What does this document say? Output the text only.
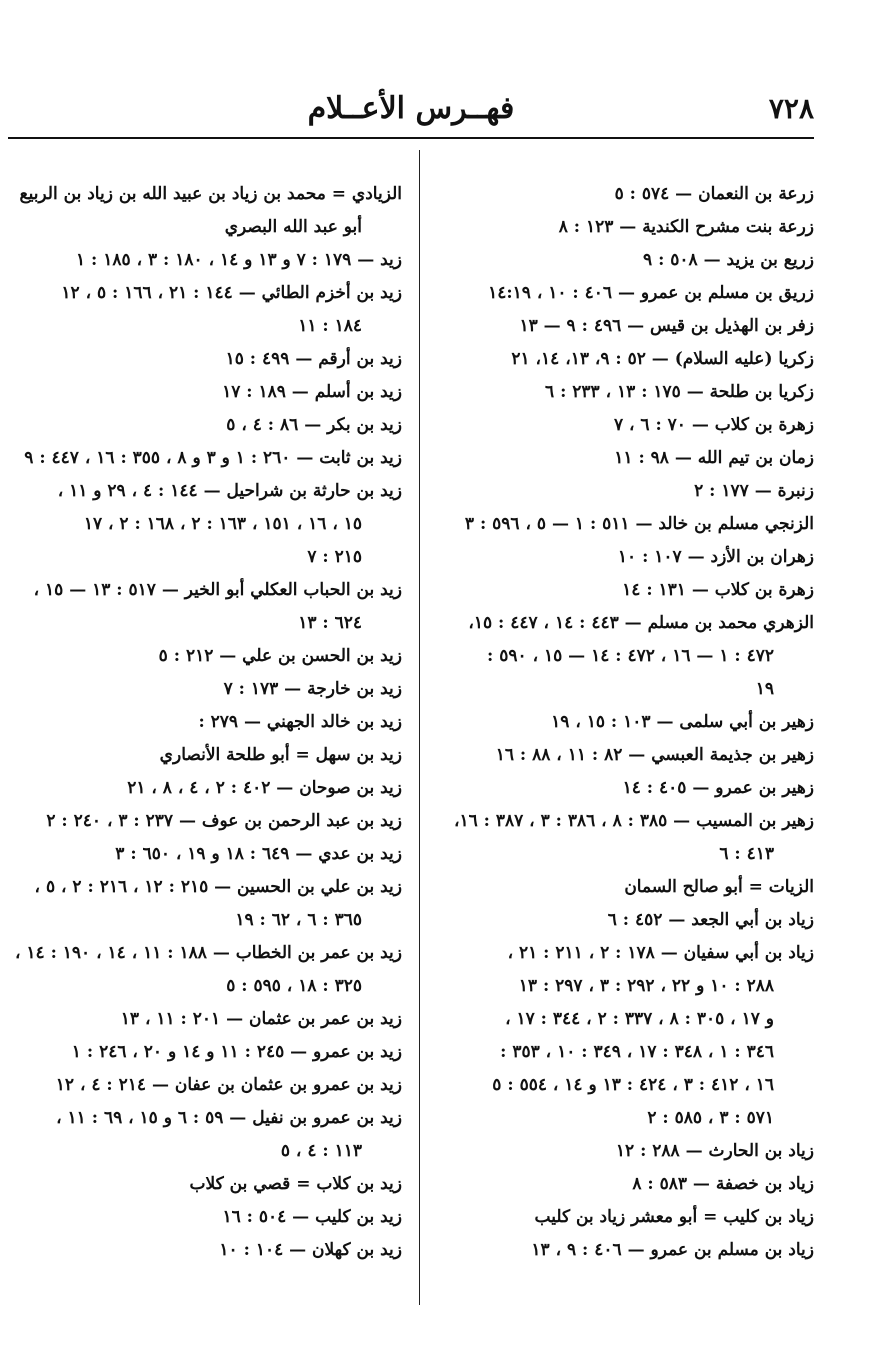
٧٢٨
فهــرس الأعــلام
زرعة بن النعمان — ٥٧٤ : ٥
زرعة بنت مشرح الكندية — ١٢٣ : ٨
زريع بن يزيد — ٥٠٨ : ٩
زريق بن مسلم بن عمرو — ٤٠٦ : ١٠ ، ١٤:١٩
زفر بن الهذيل بن قيس — ٤٩٦ : ٩ — ١٣
زكريا (عليه السلام) — ٥٢ : ٩، ١٣، ١٤، ٢١
زكريا بن طلحة — ١٧٥ : ١٣ ، ٢٣٣ : ٦
زهرة بن كلاب — ٧٠ : ٦ ، ٧
زمان بن تيم الله — ٩٨ : ١١
زنبرة — ١٧٧ : ٢
الزنجي مسلم بن خالد — ٥١١ : ١ — ٥ ، ٥٩٦ : ٣
زهران بن الأزد — ١٠٧ : ١٠
زهرة بن كلاب — ١٣١ : ١٤
الزهري محمد بن مسلم — ٤٤٣ : ١٤ ، ٤٤٧ : ١٥،
٤٧٢ : ١ — ١٦ ، ٤٧٢ : ١٤ — ١٥ ، ٥٩٠ :
١٩
زهير بن أبي سلمى — ١٠٣ : ١٥ ، ١٩
زهير بن جذيمة العبسي — ٨٢ : ١١ ، ٨٨ : ١٦
زهير بن عمرو — ٤٠٥ : ١٤
زهير بن المسيب — ٣٨٥ : ٨ ، ٣٨٦ : ٣ ، ٣٨٧ : ١٦،
٤١٣ : ٦
الزيات = أبو صالح السمان
زياد بن أبي الجعد — ٤٥٢ : ٦
زياد بن أبي سفيان — ١٧٨ : ٢ ، ٢١١ : ٢١ ،
٢٨٨ : ١٠ و ٢٢ ، ٢٩٢ : ٣ ، ٢٩٧ : ١٣
و ١٧ ، ٣٠٥ : ٨ ، ٣٣٧ : ٢ ، ٣٤٤ : ١٧ ،
٣٤٦ : ١ ، ٣٤٨ : ١٧ ، ٣٤٩ : ١٠ ، ٣٥٣ :
١٦ ، ٤١٢ : ٣ ، ٤٢٤ : ١٣ و ١٤ ، ٥٥٤ : ٥
٥٧١ : ٣ ، ٥٨٥ : ٢
زياد بن الحارث — ٢٨٨ : ١٢
زياد بن خصفة — ٥٨٣ : ٨
زياد بن كليب = أبو معشر زياد بن كليب
زياد بن مسلم بن عمرو — ٤٠٦ : ٩ ، ١٣
الزيادي = محمد بن زياد بن عبيد الله بن زياد بن الربيع
أبو عبد الله البصري
زيد — ١٧٩ : ٧ و ١٣ و ١٤ ، ١٨٠ : ٣ ، ١٨٥ : ١
زيد بن أخزم الطائي — ١٤٤ : ٢١ ، ١٦٦ : ٥ ، ١٢
١٨٤ : ١١
زيد بن أرقم — ٤٩٩ : ١٥
زيد بن أسلم — ١٨٩ : ١٧
زيد بن بكر — ٨٦ : ٤ ، ٥
زيد بن ثابت — ٢٦٠ : ١ و ٣ و ٨ ، ٣٥٥ : ١٦ ، ٤٤٧ : ٩
زيد بن حارثة بن شراحيل — ١٤٤ : ٤ ، ٢٩ و ١١ ،
١٥ ، ١٦ ، ١٥١ ، ١٦٣ : ٢ ، ١٦٨ : ٢ ، ١٧
٢١٥ : ٧
زيد بن الحباب العكلي أبو الخير — ٥١٧ : ١٣ — ١٥ ،
٦٢٤ : ١٣
زيد بن الحسن بن علي — ٢١٢ : ٥
زيد بن خارجة — ١٧٣ : ٧
زيد بن خالد الجهني — ٢٧٩ :
زيد بن سهل = أبو طلحة الأنصاري
زيد بن صوحان — ٤٠٢ : ٢ ، ٤ ، ٨ ، ٢١
زيد بن عبد الرحمن بن عوف — ٢٣٧ : ٣ ، ٢٤٠ : ٢
زيد بن عدي — ٦٤٩ : ١٨ و ١٩ ، ٦٥٠ : ٣
زيد بن علي بن الحسين — ٢١٥ : ١٢ ، ٢١٦ : ٢ ، ٥ ،
٣٦٥ : ٦ ، ٦٢ : ١٩
زيد بن عمر بن الخطاب — ١٨٨ : ١١ ، ١٤ ، ١٩٠ : ١٤ ،
٣٢٥ : ١٨ ، ٥٩٥ : ٥
زيد بن عمر بن عثمان — ٢٠١ : ١١ ، ١٣
زيد بن عمرو — ٢٤٥ : ١١ و ١٤ و ٢٠ ، ٢٤٦ : ١
زيد بن عمرو بن عثمان بن عفان — ٢١٤ : ٤ ، ١٢
زيد بن عمرو بن نفيل — ٥٩ : ٦ و ١٥ ، ٦٩ : ١١ ،
١١٣ : ٤ ، ٥
زيد بن كلاب = قصي بن كلاب
زيد بن كليب — ٥٠٤ : ١٦
زيد بن كهلان — ١٠٤ : ١٠
